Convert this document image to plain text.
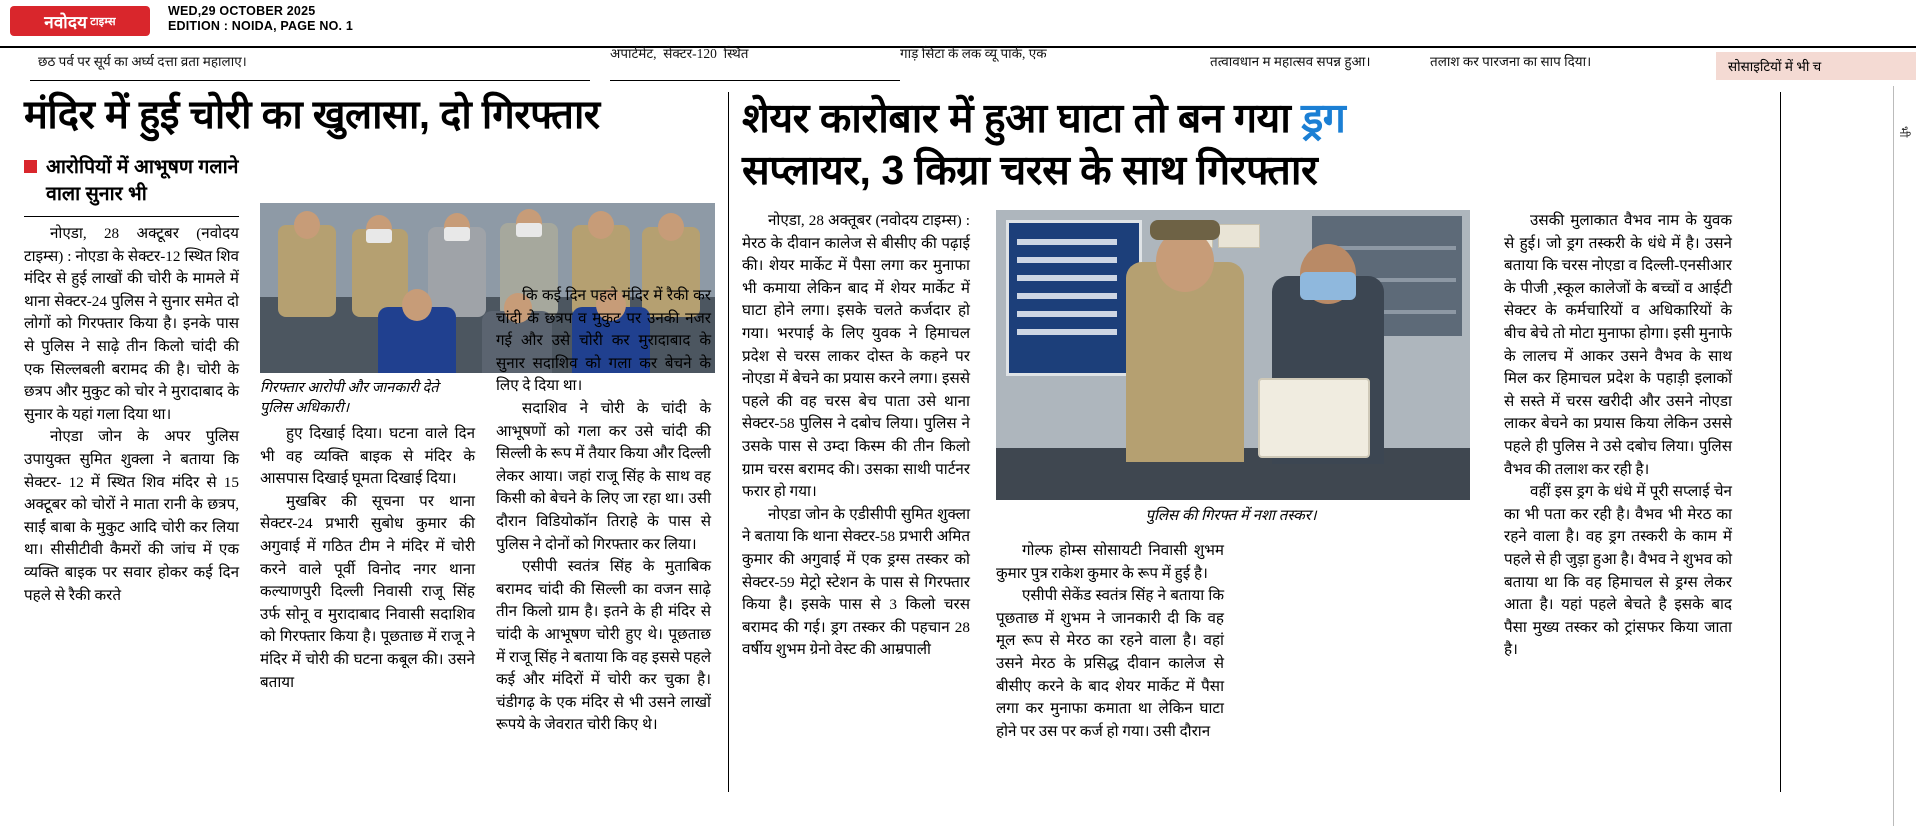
नवोदय टाइम्स
WED,29 OCTOBER 2025
EDITION : NOIDA, PAGE NO. 1
छठ पर्व पर सूर्य का अर्घ्य दत्ता व्रता महालाए।
अपार्टमेंट,  सेक्टर-120  स्थित	गाड़ सिटा के लक व्यू पार्क, एक
तत्वावधान म महात्सव सपन्न हुआ।	तलाश कर पारजना का साप दिया।	सोसाइटियों में भी च
भी
मंदिर में हुई चोरी का खुलासा, दो गिरफ्तार
आरोपियों में आभूषण गलाने वाला सुनार भी
गिरफ्तार आरोपी और जानकारी देते पुलिस अधिकारी।

नोएडा, 28 अक्टूबर (नवोदय टाइम्स) : नोएडा के सेक्टर-12 स्थित शिव मंदिर से हुई लाखों की चोरी के मामले में थाना सेक्टर-24 पुलिस ने सुनार समेत दो लोगों को गिरफ्तार किया है। इनके पास से पुलिस ने साढ़े तीन किलो चांदी की एक सिल्लबली बरामद की है। चोरी के छत्रप और मुकुट को चोर ने मुरादाबाद के सुनार के यहां गला दिया था।

नोएडा जोन के अपर पुलिस उपायुक्त सुमित शुक्ला ने बताया कि सेक्टर- 12 में स्थित शिव मंदिर से 15 अक्टूबर को चोरों ने माता रानी के छत्रप, साईं बाबा के मुकुट आदि चोरी कर लिया था। सीसीटीवी कैमरों की जांच में एक व्यक्ति बाइक पर सवार होकर कई दिन पहले से रैकी करते

हुए दिखाई दिया। घटना वाले दिन भी वह व्यक्ति बाइक से मंदिर के आसपास दिखाई घूमता दिखाई दिया।

मुखबिर की सूचना पर थाना सेक्टर-24 प्रभारी सुबोध कुमार की अगुवाई में गठित टीम ने मंदिर में चोरी करने वाले पूर्वी विनोद नगर थाना कल्याणपुरी दिल्ली निवासी राजू सिंह उर्फ सोनू व मुरादाबाद निवासी सदाशिव को गिरफ्तार किया है। पूछताछ में राजू ने मंदिर में चोरी की घटना कबूल की। उसने बताया

कि कई दिन पहले मंदिर में रैकी कर चांदी के छत्रप व मुकुट पर उनकी नजर गई और उसे चोरी कर मुरादाबाद के सुनार सदाशिव को गला कर बेचने के लिए दे दिया था।

सदाशिव ने चोरी के चांदी के आभूषणों को गला कर उसे चांदी की सिल्ली के रूप में तैयार किया और दिल्ली लेकर आया। जहां राजू सिंह के साथ वह किसी को बेचने के लिए जा रहा था। उसी दौरान विडियोकॉन तिराहे के पास से पुलिस ने दोनों को गिरफ्तार कर लिया।

एसीपी स्वतंत्र सिंह के मुताबिक बरामद चांदी की सिल्ली का वजन साढ़े तीन किलो ग्राम है। इतने के ही मंदिर से चांदी के आभूषण चोरी हुए थे। पूछताछ में राजू सिंह ने बताया कि वह इससे पहले कई और मंदिरों में चोरी कर चुका है। चंडीगढ़ के एक मंदिर से भी उसने लाखों रूपये के जेवरात चोरी किए थे।

शेयर कारोबार में हुआ घाटा तो बन गया ड्रग
सप्लायर, 3 किग्रा चरस के साथ गिरफ्तार

नोएडा, 28 अक्तूबर (नवोदय टाइम्स) : मेरठ के दीवान कालेज से बीसीए की पढ़ाई की। शेयर मार्केट में पैसा लगा कर मुनाफा भी कमाया लेकिन बाद में शेयर मार्केट में घाटा होने लगा। इसके चलते कर्जदार हो गया। भरपाई के लिए युवक ने हिमाचल प्रदेश से चरस लाकर दोस्त के कहने पर नोएडा में बेचने का प्रयास करने लगा। इससे पहले की वह चरस बेच पाता उसे थाना सेक्टर-58 पुलिस ने दबोच लिया। पुलिस ने उसके पास से उम्दा किस्म की तीन किलो ग्राम चरस बरामद की। उसका साथी पार्टनर फरार हो गया।

नोएडा जोन के एडीसीपी सुमित शुक्ला ने बताया कि थाना सेक्टर-58 प्रभारी अमित कुमार की अगुवाई में एक ड्रग्स तस्कर को सेक्टर-59 मेट्रो स्टेशन के पास से गिरफ्तार किया है। इसके पास से 3 किलो चरस बरामद की गई। ड्रग तस्कर की पहचान 28 वर्षीय शुभम ग्रेनो वेस्ट की आम्रपाली

पुलिस की गिरफ्त में नशा तस्कर।

गोल्फ होम्स सोसायटी निवासी शुभम कुमार पुत्र राकेश कुमार के रूप में हुई है।

एसीपी सेकेंड स्वतंत्र सिंह ने बताया कि पूछताछ में शुभम ने जानकारी दी कि वह मूल रूप से मेरठ का रहने वाला है। वहां उसने मेरठ के प्रसिद्ध दीवान कालेज से बीसीए करने के बाद शेयर मार्केट में पैसा लगा कर मुनाफा कमाता था लेकिन घाटा होने पर उस पर कर्ज हो गया। उसी दौरान

उसकी मुलाकात वैभव नाम के युवक से हुई। जो ड्रग तस्करी के धंधे में है। उसने बताया कि चरस नोएडा व दिल्ली-एनसीआर के पीजी ,स्कूल कालेजों के बच्चों व आईटी सेक्टर के कर्मचारियों व अधिकारियों के बीच बेचे तो मोटा मुनाफा होगा। इसी मुनाफे के लालच में आकर उसने वैभव के साथ मिल कर हिमाचल प्रदेश के पहाड़ी इलाकों से सस्ते में चरस खरीदी और उसने नोएडा लाकर बेचने का प्रयास किया लेकिन उससे पहले ही पुलिस ने उसे दबोच लिया। पुलिस वैभव की तलाश कर रही है।

वहीं इस ड्रग के धंधे में पूरी सप्लाई चेन का भी पता कर रही है। वैभव भी मेरठ का रहने वाला है। वह ड्रग तस्करी के काम में पहले से ही जुड़ा हुआ है। वैभव ने शुभव को बताया था कि वह हिमाचल से ड्रग्स लेकर आता है। यहां पहले बेचते है इसके बाद पैसा मुख्य तस्कर को ट्रांसफर किया जाता है।
